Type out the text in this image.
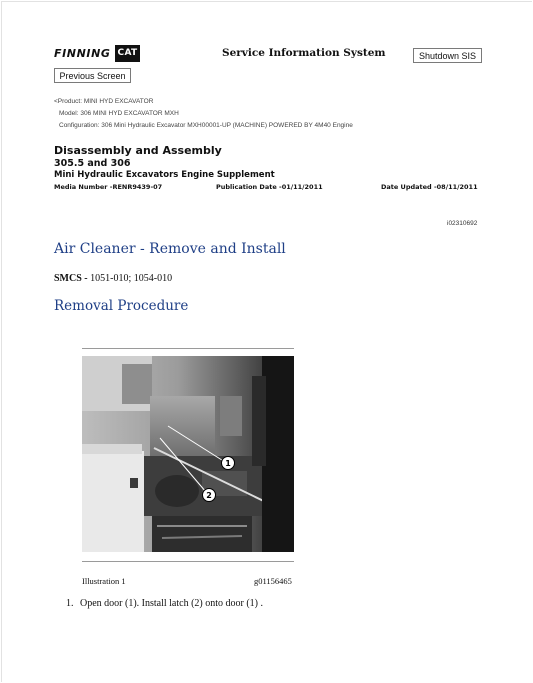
FINNING CAT	Service Information System	Shutdown SIS
Previous Screen
<Product: MINI HYD EXCAVATOR
Model: 306 MINI HYD EXCAVATOR MXH
Configuration: 306 Mini Hydraulic Excavator MXH00001-UP (MACHINE) POWERED BY 4M40 Engine
Disassembly and Assembly
305.5 and 306
Mini Hydraulic Excavators Engine Supplement
Media Number -RENR9439-07	Publication Date -01/11/2011	Date Updated -08/11/2011
i02310692
Air Cleaner - Remove and Install
SMCS - 1051-010; 1054-010
Removal Procedure
1
2
Illustration 1	g01156465
1. Open door (1). Install latch (2) onto door (1) .
